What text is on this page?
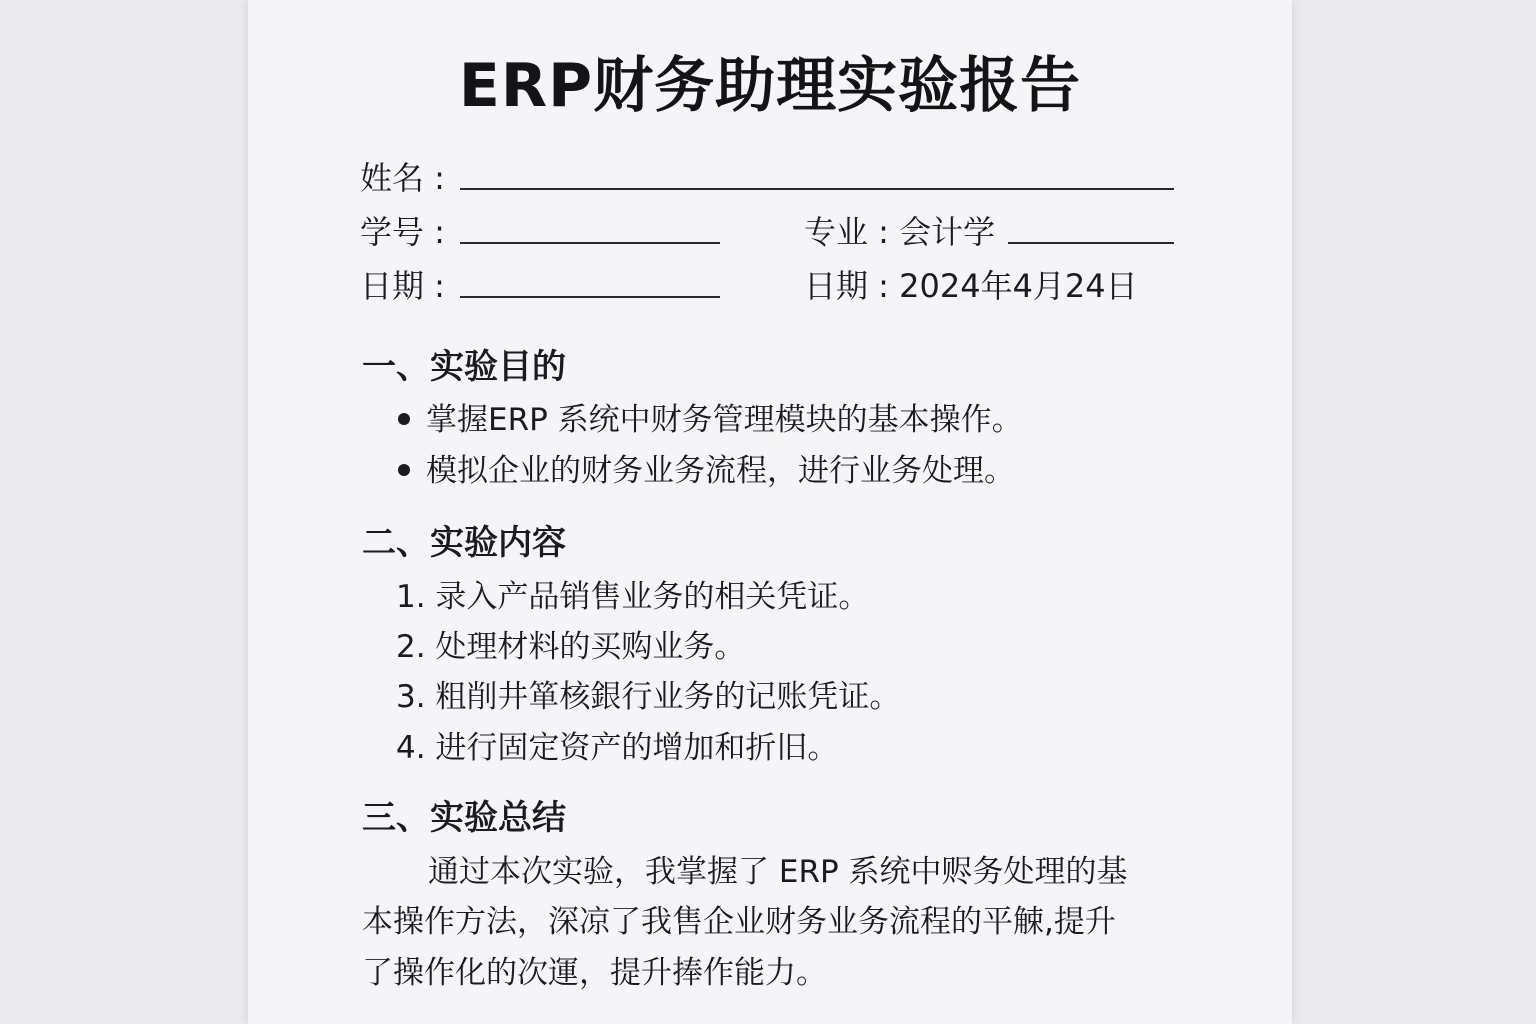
ERP财务助理实验报告
姓名 :
学号 :	专业 : 会计学
日期 :	日期 : 2024年4月24日
一、实验目的
掌握ERP 系统中财务管理模块的基本操作。
模拟企业的财务业务流程，进行业务处理。
二、实验内容
1. 录入产品销售业务的相关凭证。
2. 处理材料的买购业务。
3. 粗削井箪核銀行业务的记账凭证。
4. 进行固定资产的增加和折旧。
三、实验总结
通过本次实验，我掌握了 ERP 系统中赆务处理的基
本操作方法，深凉了我售企业财务业务流程的平觫,提升
了操作化的次運，提升捧作能力。
